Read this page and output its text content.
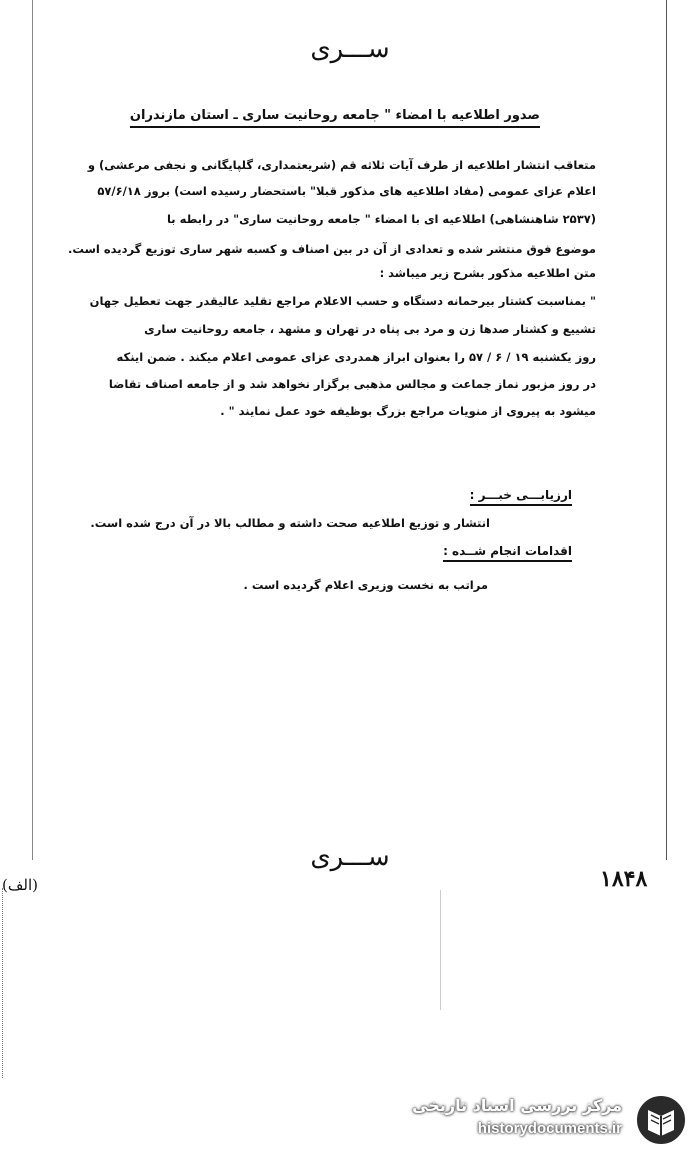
ســـری
صدور اطلاعیه با امضاء " جامعه روحانیت ساری ـ استان مازندران
متعاقب انتشار اطلاعیه از طرف آیات ثلاثه قم (شریعتمداری، گلپایگانی و نجفی مرعشی) و
اعلام عزای عمومی (مفاد اطلاعیه های مذکور قبلا" باستحضار رسیده است) بروز ۵۷/۶/۱۸
(۲۵۳۷ شاهنشاهی) اطلاعیه ای با امضاء " جامعه روحانیت ساری" در رابطه با
موضوع فوق منتشر شده و تعدادی از آن در بین اصناف و کسبه شهر ساری توزیع گردیده است.
متن اطلاعیه مذکور بشرح زیر میباشد :
" بمناسبت کشتار بیرحمانه دستگاه و حسب الاعلام مراجع تقلید عالیقدر جهت تعطیل جهان
تشییع و کشتار صدها زن و مرد بی پناه در تهران و مشهد ، جامعه روحانیت ساری
روز یکشنبه ۱۹ / ۶ / ۵۷ را بعنوان ابراز همدردی عزای عمومی اعلام میکند . ضمن اینکه
در روز مزبور نماز جماعت و مجالس مذهبی برگزار نخواهد شد و از جامعه اصناف تقاضا
میشود به پیروی از منویات مراجع بزرگ بوظیفه خود عمل نمایند " .
ارزیابـــی خبـــر :
انتشار و توزیع اطلاعیه صحت داشته و مطالب بالا در آن درج شده است.
اقدامات انجام شــده :
مراتب به نخست وزیری اعلام گردیده است .
ســـری
۱۸۴۸
(الف)
مرکز بررسی اسناد تاریخی
historydocuments.ir
